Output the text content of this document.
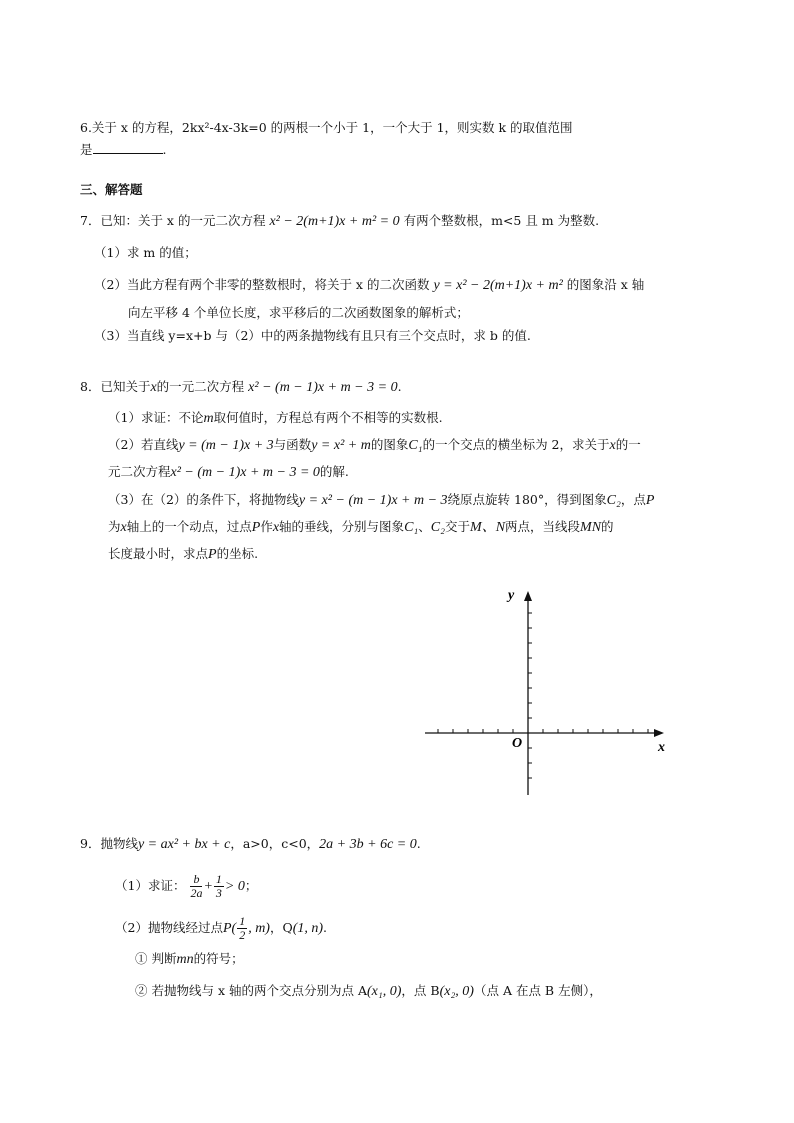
6.关于 x 的方程，2kx²-4x-3k=0 的两根一个小于 1，一个大于 1，则实数 k 的取值范围
是	.
三、解答题
7．已知：关于 x 的一元二次方程 x² − 2(m+1)x + m² = 0 有两个整数根，m<5 且 m 为整数.
（1）求 m 的值；
（2）当此方程有两个非零的整数根时，将关于 x 的二次函数 y = x² − 2(m+1)x + m² 的图象沿 x 轴
向左平移 4 个单位长度，求平移后的二次函数图象的解析式；
（3）当直线 y=x+b 与（2）中的两条抛物线有且只有三个交点时，求 b 的值.
8．已知关于x的一元二次方程 x² − (m − 1)x + m − 3 = 0.
（1）求证：不论m取何值时，方程总有两个不相等的实数根.
（2）若直线y = (m − 1)x + 3与函数y = x² + m的图象C₁的一个交点的横坐标为 2，求关于x的一
元二次方程x² − (m − 1)x + m − 3 = 0的解.
（3）在（2）的条件下，将抛物线y = x² − (m − 1)x + m − 3绕原点旋转 180°，得到图象C₂，点P
为x轴上的一个动点，过点P作x轴的垂线，分别与图象C₁、C₂交于M、N两点，当线段MN的
长度最小时，求点P的坐标.
y
x
O
9．抛物线y = ax² + bx + c，a>0，c<0，2a + 3b + 6c = 0.
（1）求证： $\frac{b}{2a} + \frac{1}{3} > 0$；
（2）抛物线经过点$P( \frac{1}{2}$ , m)，Q(1, n).
① 判断mn的符号；
② 若抛物线与 x 轴的两个交点分别为点 A(x₁, 0)，点 B(x₂, 0)（点 A 在点 B 左侧），
